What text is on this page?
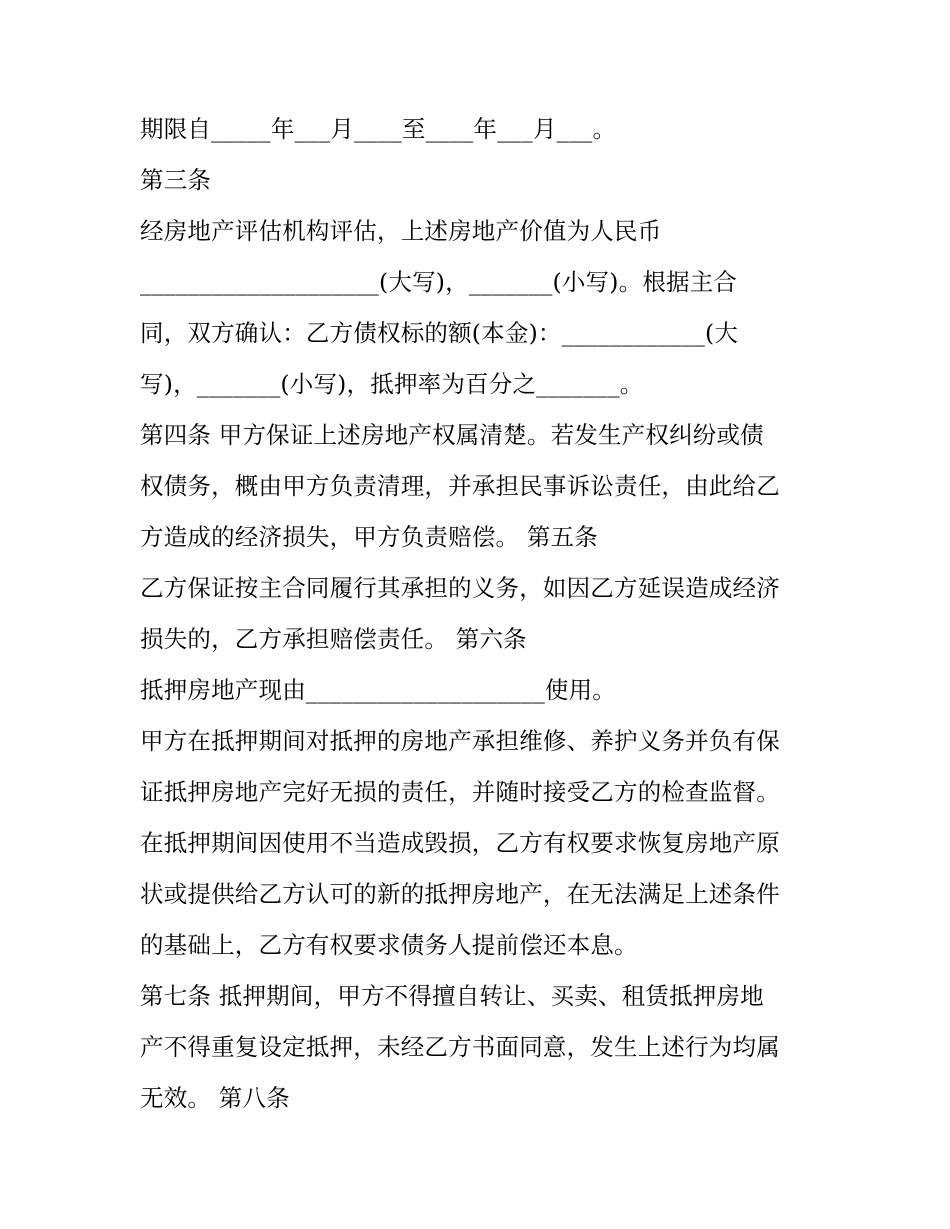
期限自_____年___月____至____年___月___。
第三条
经房地产评估机构评估，上述房地产价值为人民币
____________________(大写)，_______(小写)。根据主合
同，双方确认：乙方债权标的额(本金)：____________(大
写)，_______(小写)，抵押率为百分之_______。
第四条 甲方保证上述房地产权属清楚。若发生产权纠纷或债
权债务，概由甲方负责清理，并承担民事诉讼责任，由此给乙
方造成的经济损失，甲方负责赔偿。 第五条
乙方保证按主合同履行其承担的义务，如因乙方延误造成经济
损失的，乙方承担赔偿责任。 第六条
抵押房地产现由____________________使用。
甲方在抵押期间对抵押的房地产承担维修、养护义务并负有保
证抵押房地产完好无损的责任，并随时接受乙方的检查监督。
在抵押期间因使用不当造成毁损，乙方有权要求恢复房地产原
状或提供给乙方认可的新的抵押房地产，在无法满足上述条件
的基础上，乙方有权要求债务人提前偿还本息。
第七条 抵押期间，甲方不得擅自转让、买卖、租赁抵押房地
产不得重复设定抵押，未经乙方书面同意，发生上述行为均属
无效。 第八条
